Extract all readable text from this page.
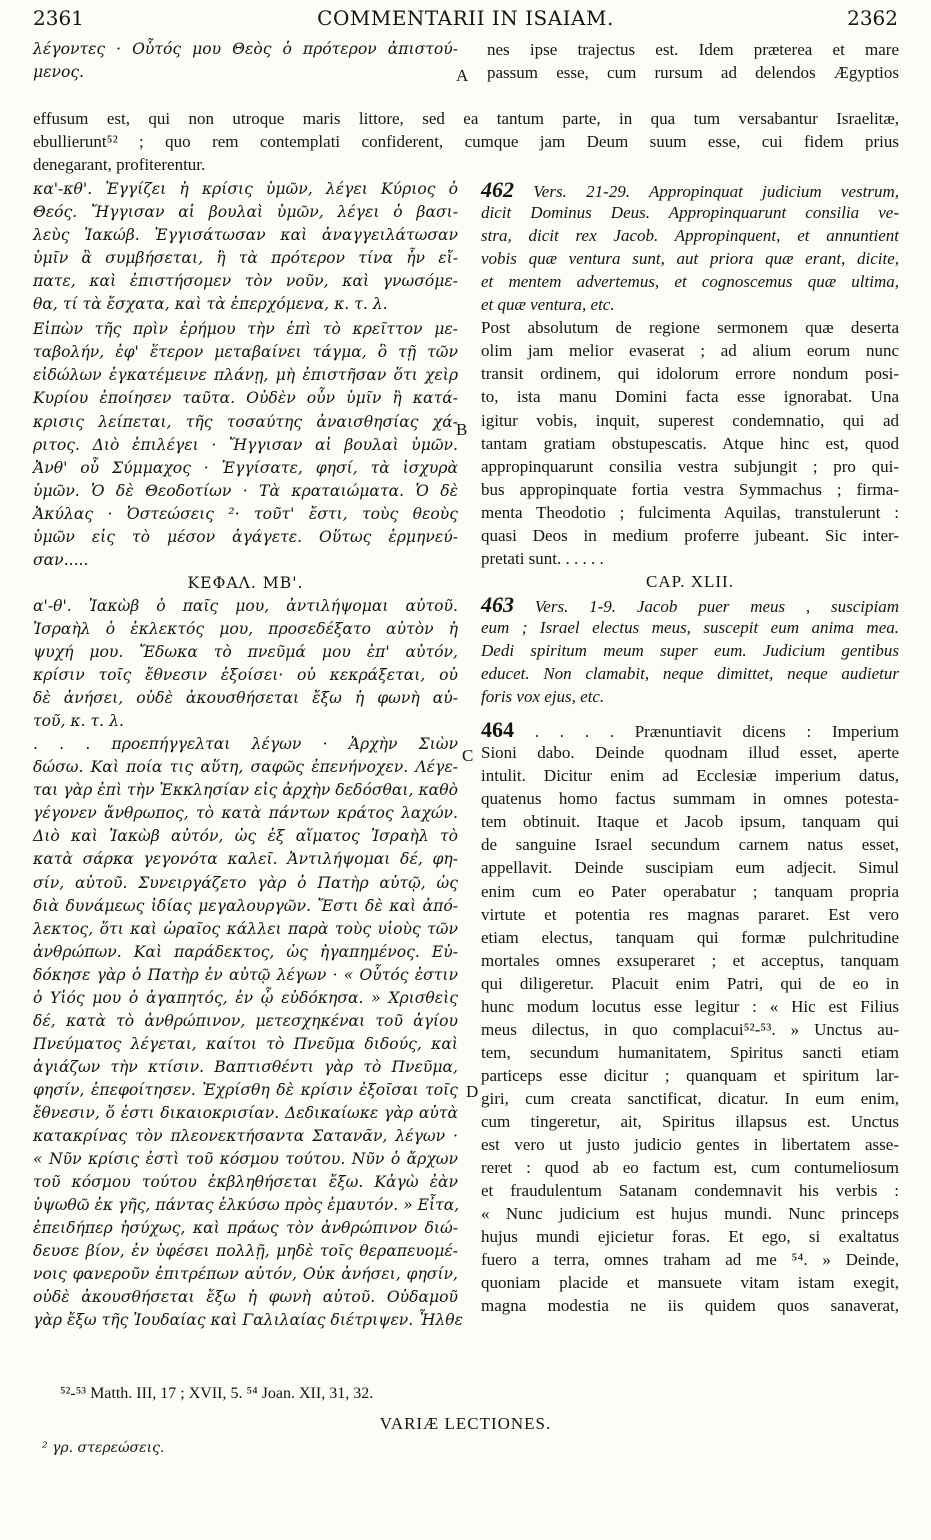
2361	COMMENTARII IN ISAIAM.	2362
λέγοντες · Οὗτός μου Θεὸς ὁ πρότερον ἀπιστού-
μενος.
nes ipse trajectus est. Idem præterea et mare
passum esse, cum rursum ad delendos Ægyptios
effusum est, qui non utroque maris littore, sed ea tantum parte, in qua tum versabantur Israelitæ,
ebullierunt⁵² ; quo rem contemplati confiderent, cumque jam Deum suum esse, cui fidem prius
denegarant, profiterentur.
κα'-κθ'. Ἐγγίζει ἡ κρίσις ὑμῶν, λέγει Κύριος ὁ
Θεός. Ἤγγισαν αἱ βουλαὶ ὑμῶν, λέγει ὁ βασι-
λεὺς Ἰακώβ. Ἐγγισάτωσαν καὶ ἀναγγειλάτωσαν
ὑμῖν ἃ συμβήσεται, ἢ τὰ πρότερον τίνα ἦν εἴ-
πατε, καὶ ἐπιστήσομεν τὸν νοῦν, καὶ γνωσόμε-
θα, τί τὰ ἔσχατα, καὶ τὰ ἐπερχόμενα, κ. τ. λ.
Εἰπὼν τῆς πρὶν ἐρήμου τὴν ἐπὶ τὸ κρεῖττον με-
ταβολήν, ἐφ' ἕτερον μεταβαίνει τάγμα, ὃ τῇ τῶν
εἰδώλων ἐγκατέμεινε πλάνῃ, μὴ ἐπιστῆσαν ὅτι χεὶρ
Κυρίου ἐποίησεν ταῦτα. Οὐδὲν οὖν ὑμῖν ἢ κατά-
κρισις λείπεται, τῆς τοσαύτης ἀναισθησίας χά-
ριτος. Διὸ ἐπιλέγει · Ἤγγισαν αἱ βουλαὶ ὑμῶν.
Ἀνθ' οὗ Σύμμαχος · Ἐγγίσατε, φησί, τὰ ἰσχυρὰ
ὑμῶν. Ὁ δὲ Θεοδοτίων · Τὰ κραταιώματα. Ὁ δὲ
Ἀκύλας · Ὀστεώσεις ²· τοῦτ' ἔστι, τοὺς θεοὺς
ὑμῶν εἰς τὸ μέσον ἀγάγετε. Οὕτως ἑρμηνεύ-
σαν.....
ΚΕΦΑΛ. ΜΒ'.
α'-θ'. Ἰακὼβ ὁ παῖς μου, ἀντιλήψομαι αὐτοῦ.
Ἰσραὴλ ὁ ἐκλεκτός μου, προσεδέξατο αὐτὸν ἡ
ψυχή μου. Ἔδωκα τὸ πνεῦμά μου ἐπ' αὐτόν,
κρίσιν τοῖς ἔθνεσιν ἐξοίσει· οὐ κεκράξεται, οὐ
δὲ ἀνήσει, οὐδὲ ἀκουσθήσεται ἔξω ἡ φωνὴ αὐ-
τοῦ, κ. τ. λ.
. . . προεπήγγελται λέγων · Ἀρχὴν Σιὼν
δώσω. Καὶ ποία τις αὕτη, σαφῶς ἐπενήνοχεν. Λέγε-
ται γὰρ ἐπὶ τὴν Ἐκκλησίαν εἰς ἀρχὴν δεδόσθαι, καθὸ
γέγονεν ἄνθρωπος, τὸ κατὰ πάντων κράτος λαχών.
Διὸ καὶ Ἰακὼβ αὐτόν, ὡς ἐξ αἵματος Ἰσραὴλ τὸ
κατὰ σάρκα γεγονότα καλεῖ. Ἀντιλήψομαι δέ, φη-
σίν, αὐτοῦ. Συνειργάζετο γὰρ ὁ Πατὴρ αὐτῷ, ὡς
διὰ δυνάμεως ἰδίας μεγαλουργῶν. Ἔστι δὲ καὶ ἀπό-
λεκτος, ὅτι καὶ ὡραῖος κάλλει παρὰ τοὺς υἱοὺς τῶν
ἀνθρώπων. Καὶ παράδεκτος, ὡς ἠγαπημένος. Εὐ-
δόκησε γὰρ ὁ Πατὴρ ἐν αὐτῷ λέγων · « Οὗτός ἐστιν
ὁ Υἱός μου ὁ ἀγαπητός, ἐν ᾧ εὐδόκησα. » Χρισθεὶς
δέ, κατὰ τὸ ἀνθρώπινον, μετεσχηκέναι τοῦ ἁγίου
Πνεύματος λέγεται, καίτοι τὸ Πνεῦμα διδούς, καὶ
ἁγιάζων τὴν κτίσιν. Βαπτισθέντι γὰρ τὸ Πνεῦμα,
φησίν, ἐπεφοίτησεν. Ἐχρίσθη δὲ κρίσιν ἐξοῖσαι τοῖς
ἔθνεσιν, ὅ ἐστι δικαιοκρισίαν. Δεδικαίωκε γὰρ αὐτὰ
κατακρίνας τὸν πλεονεκτήσαντα Σατανᾶν, λέγων ·
« Νῦν κρίσις ἐστὶ τοῦ κόσμου τούτου. Νῦν ὁ ἄρχων
τοῦ κόσμου τούτου ἐκβληθήσεται ἔξω. Κἀγὼ ἐὰν
ὑψωθῶ ἐκ γῆς, πάντας ἑλκύσω πρὸς ἐμαυτόν. » Εἶτα,
ἐπειδήπερ ἡσύχως, καὶ πράως τὸν ἀνθρώπινον διώ-
δευσε βίον, ἐν ὑφέσει πολλῇ, μηδὲ τοῖς θεραπευομέ-
νοις φανεροῦν ἐπιτρέπων αὐτόν, Οὐκ ἀνήσει, φησίν,
οὐδὲ ἀκουσθήσεται ἔξω ἡ φωνὴ αὐτοῦ. Οὐδαμοῦ
γὰρ ἔξω τῆς Ἰουδαίας καὶ Γαλιλαίας διέτριψεν. Ἦλθε
462 Vers. 21-29. Appropinquat judicium vestrum,
dicit Dominus Deus. Appropinquarunt consilia ve-
stra, dicit rex Jacob. Appropinquent, et annuntient
vobis quæ ventura sunt, aut priora quæ erant, dicite,
et mentem advertemus, et cognoscemus quæ ultima,
et quæ ventura, etc.
Post absolutum de regione sermonem quæ deserta
olim jam melior evaserat ; ad alium eorum nunc
transit ordinem, qui idolorum errore nondum posi-
to, ista manu Domini facta esse ignorabat. Una
igitur vobis, inquit, superest condemnatio, qui ad
tantam gratiam obstupescatis. Atque hinc est, quod
appropinquarunt consilia vestra subjungit ; pro qui-
bus appropinquate fortia vestra Symmachus ; firma-
menta Theodotio ; fulcimenta Aquilas, transtulerunt :
quasi Deos in medium proferre jubeant. Sic inter-
pretati sunt. . . . . .
CAP. XLII.
463 Vers. 1-9. Jacob puer meus , suscipiam
eum ; Israel electus meus, suscepit eum anima mea.
Dedi spiritum meum super eum. Judicium gentibus
educet. Non clamabit, neque dimittet, neque audietur
foris vox ejus, etc.
464 . . . . Prænuntiavit dicens : Imperium
Sioni dabo. Deinde quodnam illud esset, aperte
intulit. Dicitur enim ad Ecclesiæ imperium datus,
quatenus homo factus summam in omnes potesta-
tem obtinuit. Itaque et Jacob ipsum, tanquam qui
de sanguine Israel secundum carnem natus esset,
appellavit. Deinde suscipiam eum adjecit. Simul
enim cum eo Pater operabatur ; tanquam propria
virtute et potentia res magnas pararet. Est vero
etiam electus, tanquam qui formæ pulchritudine
mortales omnes exsuperaret ; et acceptus, tanquam
qui diligeretur. Placuit enim Patri, qui de eo in
hunc modum locutus esse legitur : « Hic est Filius
meus dilectus, in quo complacui⁵²-⁵³. » Unctus au-
tem, secundum humanitatem, Spiritus sancti etiam
particeps esse dicitur ; quanquam et spiritum lar-
giri, cum creata sanctificat, dicatur. In eum enim,
cum tingeretur, ait, Spiritus illapsus est. Unctus
est vero ut justo judicio gentes in libertatem asse-
reret : quod ab eo factum est, cum contumeliosum
et fraudulentum Satanam condemnavit his verbis :
« Nunc judicium est hujus mundi. Nunc princeps
hujus mundi ejicietur foras. Et ego, si exaltatus
fuero a terra, omnes traham ad me ⁵⁴. » Deinde,
quoniam placide et mansuete vitam istam exegit,
magna modestia ne iis quidem quos sanaverat,
A
B
C
D
⁵²-⁵³ Matth. III, 17 ; XVII, 5. ⁵⁴ Joan. XII, 31, 32.
VARIÆ LECTIONES.
² γρ. στερεώσεις.
